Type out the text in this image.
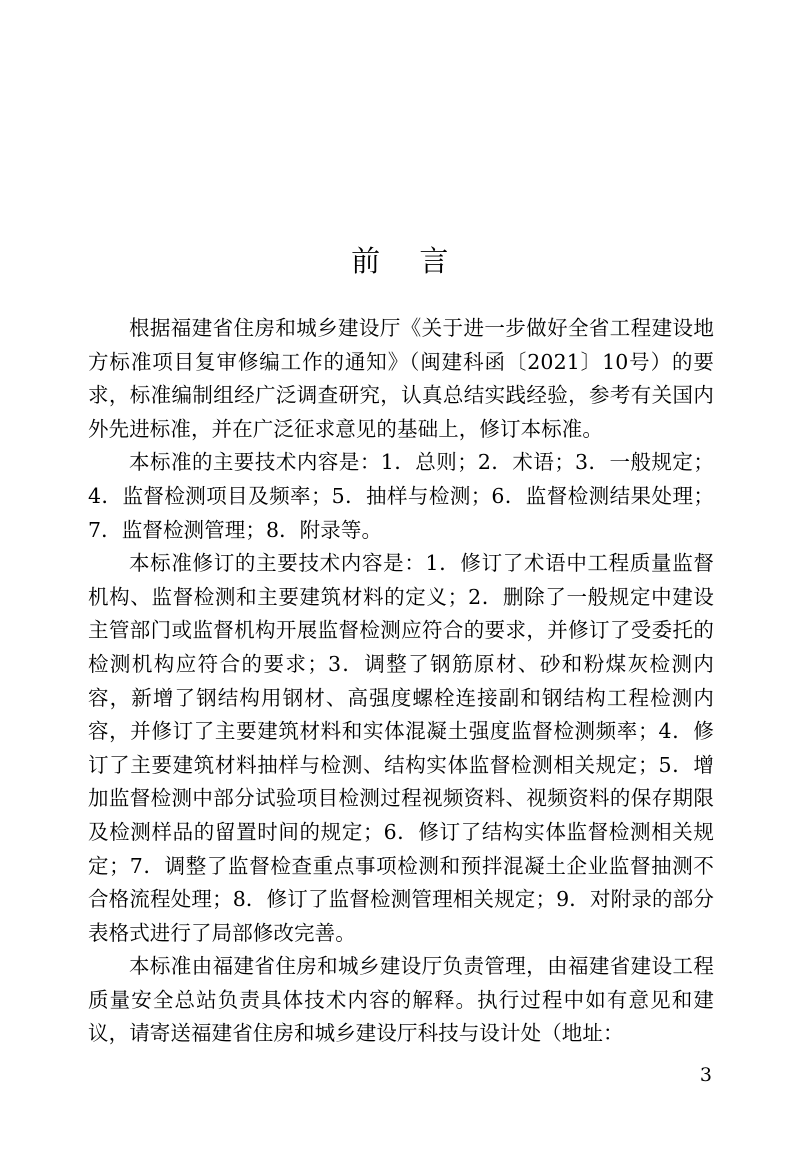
前    言

根据福建省住房和城乡建设厅《关于进一步做好全省工程建设地方标准项目复审修编工作的通知》（闽建科函〔2021〕10号）的要求，标准编制组经广泛调查研究，认真总结实践经验，参考有关国内外先进标准，并在广泛征求意见的基础上，修订本标准。

本标准的主要技术内容是：1．总则；2．术语；3．一般规定；4．监督检测项目及频率；5．抽样与检测；6．监督检测结果处理；7．监督检测管理；8．附录等。

本标准修订的主要技术内容是：1．修订了术语中工程质量监督机构、监督检测和主要建筑材料的定义；2．删除了一般规定中建设主管部门或监督机构开展监督检测应符合的要求，并修订了受委托的检测机构应符合的要求；3．调整了钢筋原材、砂和粉煤灰检测内容，新增了钢结构用钢材、高强度螺栓连接副和钢结构工程检测内容，并修订了主要建筑材料和实体混凝土强度监督检测频率；4．修订了主要建筑材料抽样与检测、结构实体监督检测相关规定；5．增加监督检测中部分试验项目检测过程视频资料、视频资料的保存期限及检测样品的留置时间的规定；6．修订了结构实体监督检测相关规定；7．调整了监督检查重点事项检测和预拌混凝土企业监督抽测不合格流程处理；8．修订了监督检测管理相关规定；9．对附录的部分表格式进行了局部修改完善。

本标准由福建省住房和城乡建设厅负责管理，由福建省建设工程质量安全总站负责具体技术内容的解释。执行过程中如有意见和建议，请寄送福建省住房和城乡建设厅科技与设计处（地址：

3
